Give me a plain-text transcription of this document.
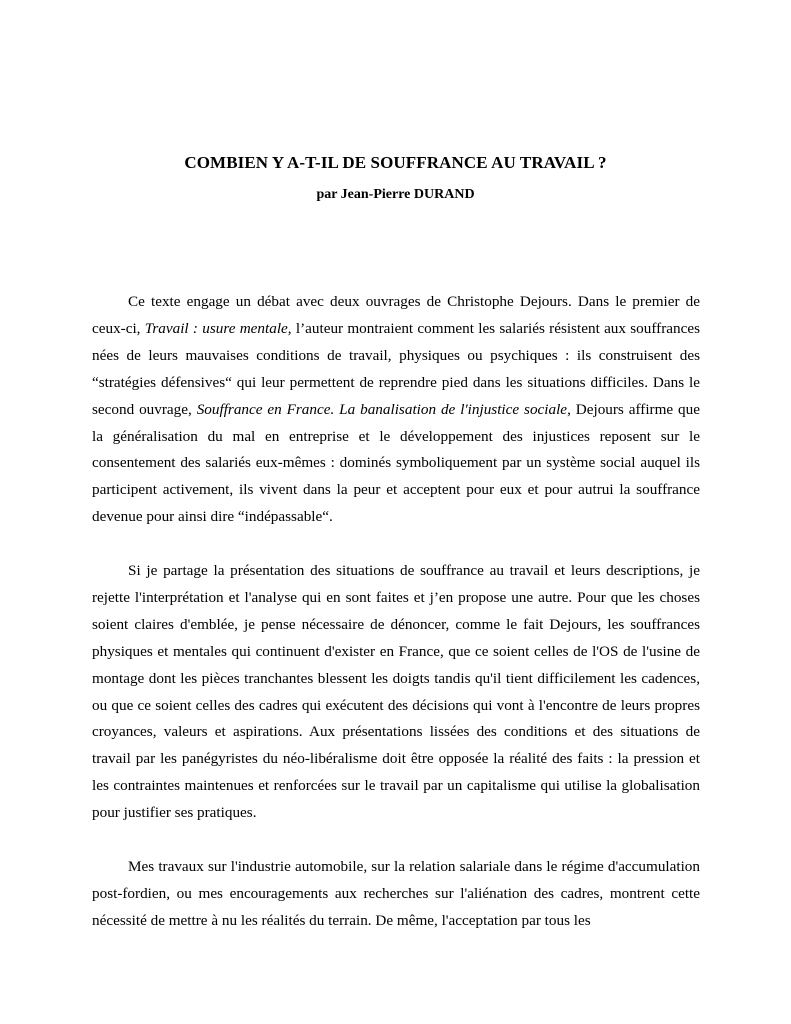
COMBIEN Y A-T-IL DE SOUFFRANCE AU TRAVAIL ?
par Jean-Pierre DURAND

Ce texte engage un débat avec deux ouvrages de Christophe Dejours. Dans le premier de ceux-ci, Travail : usure mentale, l’auteur montraient comment les salariés résistent aux souffrances nées de leurs mauvaises conditions de travail, physiques ou psychiques : ils construisent des “stratégies défensives“ qui leur permettent de reprendre pied dans les situations difficiles. Dans le second ouvrage, Souffrance en France. La banalisation de l'injustice sociale, Dejours affirme que la généralisation du mal en entreprise et le développement des injustices reposent sur le consentement des salariés eux-mêmes : dominés symboliquement par un système social auquel ils participent activement, ils vivent dans la peur et acceptent pour eux et pour autrui la souffrance devenue pour ainsi dire “indépassable“.

Si je partage la présentation des situations de souffrance au travail et leurs descriptions, je rejette l'interprétation et l'analyse qui en sont faites et j’en propose une autre. Pour que les choses soient claires d'emblée, je pense nécessaire de dénoncer, comme le fait Dejours, les souffrances physiques et mentales qui continuent d'exister en France, que ce soient celles de l'OS de l'usine de montage dont les pièces tranchantes blessent les doigts tandis qu'il tient difficilement les cadences, ou que ce soient celles des cadres qui exécutent des décisions qui vont à l'encontre de leurs propres croyances, valeurs et aspirations. Aux présentations lissées des conditions et des situations de travail par les panégyristes du néo-libéralisme doit être opposée la réalité des faits : la pression et les contraintes maintenues et renforcées sur le travail par un capitalisme qui utilise la globalisation pour justifier ses pratiques.

Mes travaux sur l'industrie automobile, sur la relation salariale dans le régime d'accumulation post-fordien, ou mes encouragements aux recherches sur l'aliénation des cadres, montrent cette nécessité de mettre à nu les réalités du terrain. De même, l'acceptation par tous les
